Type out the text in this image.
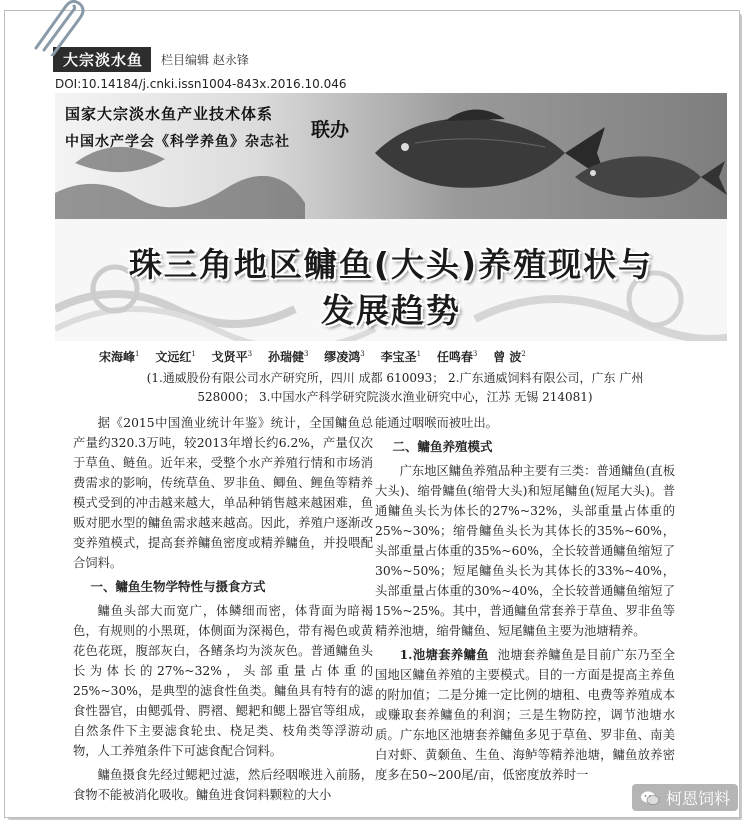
大宗淡水鱼	栏目编辑 赵永锋
DOI:10.14184/j.cnki.issn1004-843x.2016.10.046
国家大宗淡水鱼产业技术体系
中国水产学会《科学养鱼》杂志社
联办
珠三角地区鳙鱼(大头)养殖现状与
发展趋势
宋海峰$^1$ 文远红$^1$ 戈贤平$^3$ 孙瑞健$^3$ 缪凌鸿$^3$ 李宝圣$^1$ 任鸣春$^3$ 曾 波$^2$
(1.通威股份有限公司水产研究所，四川 成都 610093； 2.广东通威饲料有限公司，广东 广州
528000； 3.中国水产科学研究院淡水渔业研究中心，江苏 无锡 214081)

据《2015中国渔业统计年鉴》统计，全国鳙鱼总产量约320.3万吨，较2013年增长约6.2%，产量仅次于草鱼、鲢鱼。近年来，受整个水产养殖行情和市场消费需求的影响，传统草鱼、罗非鱼、鲫鱼、鲤鱼等精养模式受到的冲击越来越大，单品种销售越来越困难，鱼贩对肥水型的鳙鱼需求越来越高。因此，养殖户逐渐改变养殖模式，提高套养鳙鱼密度或精养鳙鱼，并投喂配合饲料。

一、鳙鱼生物学特性与摄食方式

鳙鱼头部大而宽广，体鳞细而密，体背面为暗褐色，有规则的小黑斑，体侧面为深褐色，带有褐色或黄花色花斑，腹部灰白，各鳍条均为淡灰色。普通鳙鱼头长为体长的27%~32%，头部重量占体重的25%~30%，是典型的滤食性鱼类。鳙鱼具有特有的滤食性器官，由鳃弧骨、腭褶、鳃耙和鳃上器官等组成，自然条件下主要滤食轮虫、桡足类、枝角类等浮游动物，人工养殖条件下可滤食配合饲料。

鳙鱼摄食先经过鳃耙过滤，然后经咽喉进入前肠，食物不能被消化吸收。鳙鱼进食饲料颗粒的大小

能通过咽喉而被吐出。

二、鳙鱼养殖模式

广东地区鳙鱼养殖品种主要有三类：普通鳙鱼(直板大头)、缩骨鳙鱼(缩骨大头)和短尾鳙鱼(短尾大头)。普通鳙鱼头长为体长的27%~32%，头部重量占体重的25%~30%；缩骨鳙鱼头长为其体长的35%~60%，头部重量占体重的35%~60%，全长较普通鳙鱼缩短了30%~50%；短尾鳙鱼头长为其体长的33%~40%，头部重量占体重的30%~40%，全长较普通鳙鱼缩短了15%~25%。其中，普通鳙鱼常套养于草鱼、罗非鱼等精养池塘，缩骨鳙鱼、短尾鳙鱼主要为池塘精养。

1.池塘套养鳙鱼 池塘套养鳙鱼是目前广东乃至全国地区鳙鱼养殖的主要模式。目的一方面是提高主养鱼的附加值；二是分摊一定比例的塘租、电费等养殖成本或赚取套养鳙鱼的利润；三是生物防控，调节池塘水质。广东地区池塘套养鳙鱼多见于草鱼、罗非鱼、南美白对虾、黄颡鱼、生鱼、海鲈等精养池塘，鳙鱼放养密度多在50~200尾/亩，低密度放养时一

柯恩饲料
